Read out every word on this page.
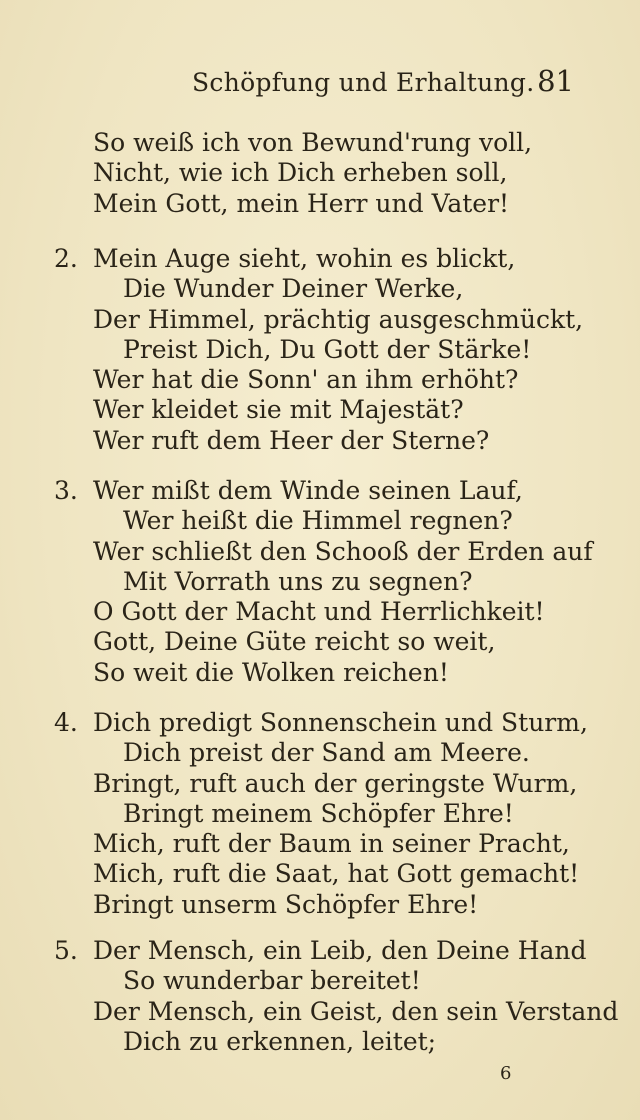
Schöpfung und Erhaltung. 81
So weiß ich von Bewund'rung voll,
Nicht, wie ich Dich erheben soll,
Mein Gott, mein Herr und Vater!
2. Mein Auge sieht, wohin es blickt,
Die Wunder Deiner Werke,
Der Himmel, prächtig ausgeschmückt,
Preist Dich, Du Gott der Stärke!
Wer hat die Sonn' an ihm erhöht?
Wer kleidet sie mit Majestät?
Wer ruft dem Heer der Sterne?
3. Wer mißt dem Winde seinen Lauf,
Wer heißt die Himmel regnen?
Wer schließt den Schooß der Erden auf
Mit Vorrath uns zu segnen?
O Gott der Macht und Herrlichkeit!
Gott, Deine Güte reicht so weit,
So weit die Wolken reichen!
4. Dich predigt Sonnenschein und Sturm,
Dich preist der Sand am Meere.
Bringt, ruft auch der geringste Wurm,
Bringt meinem Schöpfer Ehre!
Mich, ruft der Baum in seiner Pracht,
Mich, ruft die Saat, hat Gott gemacht!
Bringt unserm Schöpfer Ehre!
5. Der Mensch, ein Leib, den Deine Hand
So wunderbar bereitet!
Der Mensch, ein Geist, den sein Verstand
Dich zu erkennen, leitet;
6
